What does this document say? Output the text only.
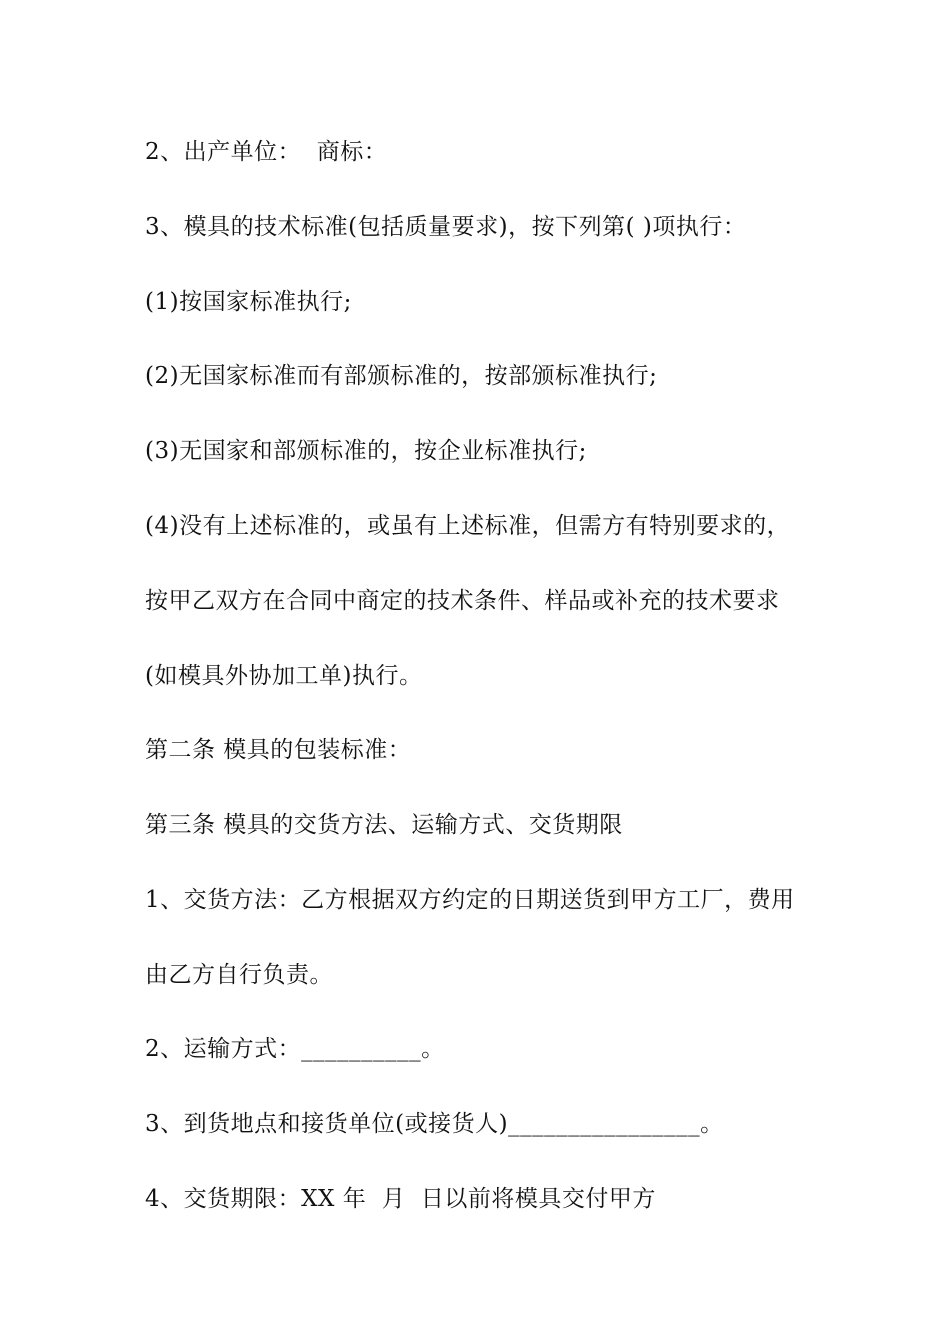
2、出产单位：  商标：

3、模具的技术标准(包括质量要求)，按下列第( )项执行：

(1)按国家标准执行;

(2)无国家标准而有部颁标准的，按部颁标准执行;

(3)无国家和部颁标准的，按企业标准执行;

(4)没有上述标准的，或虽有上述标准，但需方有特别要求的，

按甲乙双方在合同中商定的技术条件、样品或补充的技术要求

(如模具外协加工单)执行。

第二条 模具的包装标准：

第三条 模具的交货方法、运输方式、交货期限

1、交货方法：乙方根据双方约定的日期送货到甲方工厂，费用

由乙方自行负责。

2、运输方式：__________。

3、到货地点和接货单位(或接货人)________________。

4、交货期限：XX 年  月  日以前将模具交付甲方
